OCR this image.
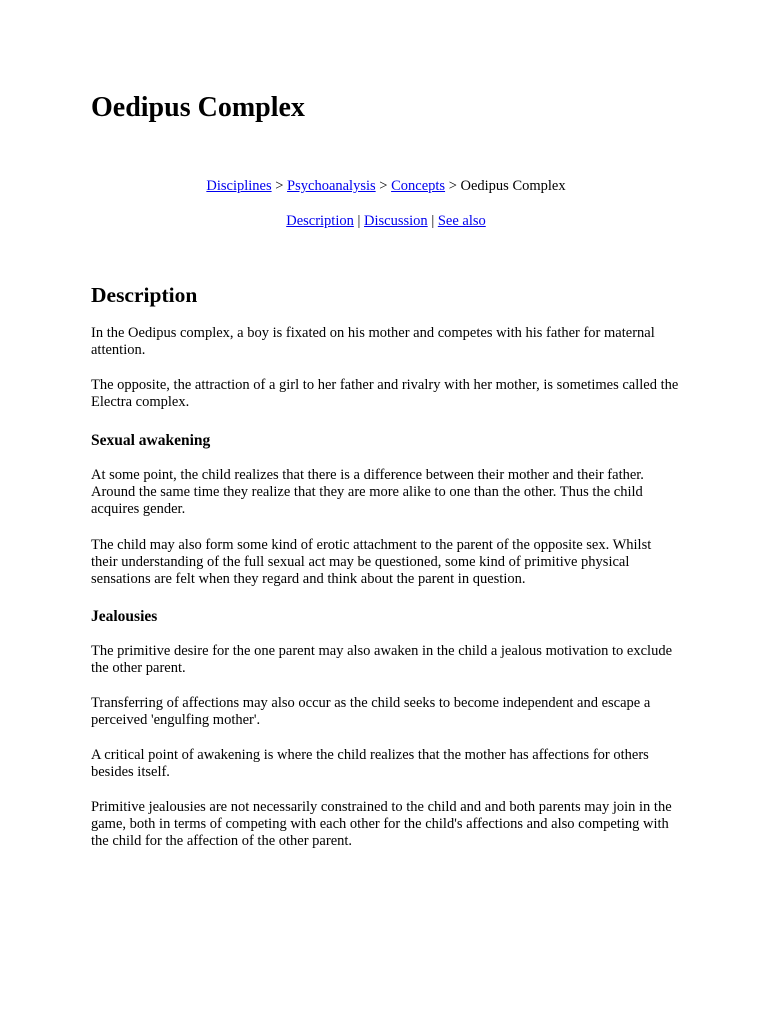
Oedipus Complex
Disciplines > Psychoanalysis > Concepts > Oedipus Complex
Description | Discussion | See also
Description

In the Oedipus complex, a boy is fixated on his mother and competes with his father for maternal attention.

The opposite, the attraction of a girl to her father and rivalry with her mother, is sometimes called the Electra complex.

Sexual awakening

At some point, the child realizes that there is a difference between their mother and their father. Around the same time they realize that they are more alike to one than the other. Thus the child acquires gender.

The child may also form some kind of erotic attachment to the parent of the opposite sex. Whilst their understanding of the full sexual act may be questioned, some kind of primitive physical sensations are felt when they regard and think about the parent in question.

Jealousies

The primitive desire for the one parent may also awaken in the child a jealous motivation to exclude the other parent.

Transferring of affections may also occur as the child seeks to become independent and escape a perceived 'engulfing mother'.

A critical point of awakening is where the child realizes that the mother has affections for others besides itself.

Primitive jealousies are not necessarily constrained to the child and and both parents may join in the game, both in terms of competing with each other for the child's affections and also competing with the child for the affection of the other parent.
